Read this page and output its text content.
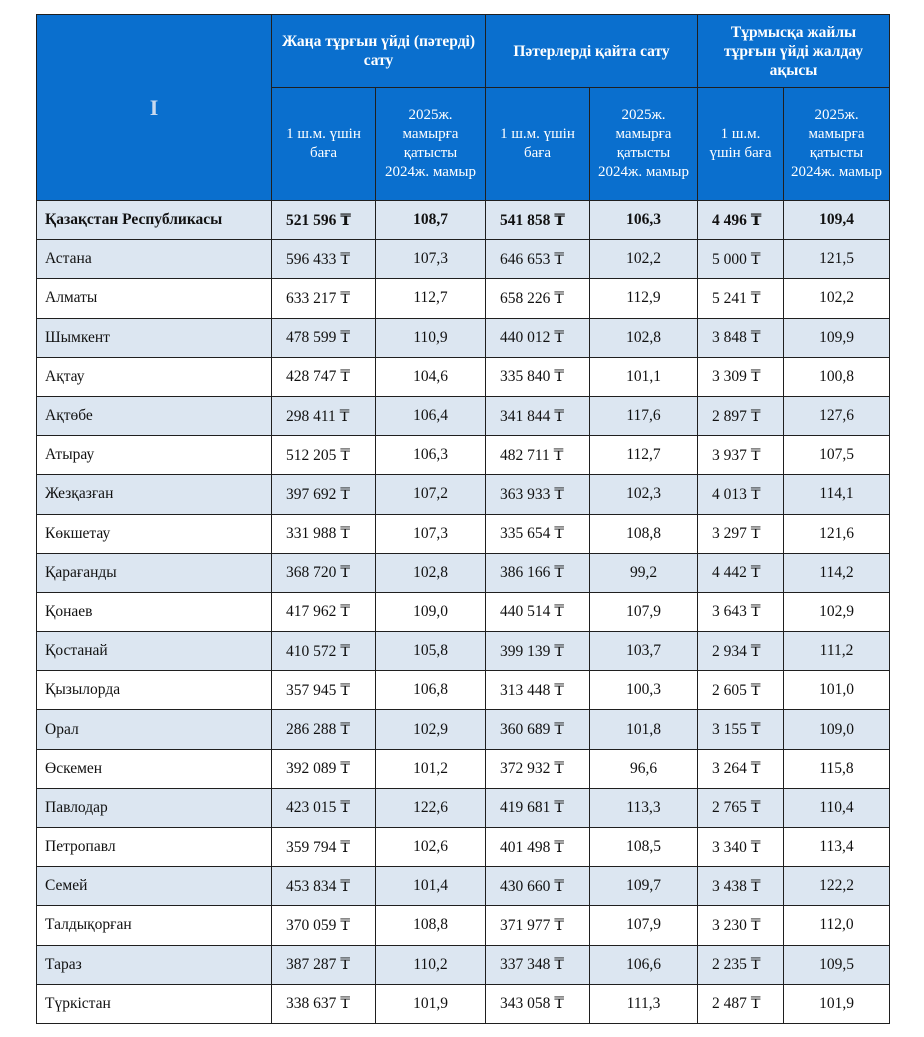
I	Жаңа тұрғын үйді (пәтерді) сату		Пәтерлерді қайта сату		Тұрмысқа жайлы тұрғын үйді жалдау ақысы	
	1 ш.м. үшін баға	2025ж. мамырға қатысты 2024ж. мамыр	1 ш.м. үшін баға	2025ж. мамырға қатысты 2024ж. мамыр	1 ш.м. үшін баға	2025ж. мамырға қатысты 2024ж. мамыр
Қазақстан Республикасы	521 596 ₸	108,7	541 858 ₸	106,3	4 496 ₸	109,4
Астана	596 433 ₸	107,3	646 653 ₸	102,2	5 000 ₸	121,5
Алматы	633 217 ₸	112,7	658 226 ₸	112,9	5 241 ₸	102,2
Шымкент	478 599 ₸	110,9	440 012 ₸	102,8	3 848 ₸	109,9
Ақтау	428 747 ₸	104,6	335 840 ₸	101,1	3 309 ₸	100,8
Ақтөбе	298 411 ₸	106,4	341 844 ₸	117,6	2 897 ₸	127,6
Атырау	512 205 ₸	106,3	482 711 ₸	112,7	3 937 ₸	107,5
Жезқазған	397 692 ₸	107,2	363 933 ₸	102,3	4 013 ₸	114,1
Көкшетау	331 988 ₸	107,3	335 654 ₸	108,8	3 297 ₸	121,6
Қарағанды	368 720 ₸	102,8	386 166 ₸	99,2	4 442 ₸	114,2
Қонаев	417 962 ₸	109,0	440 514 ₸	107,9	3 643 ₸	102,9
Қостанай	410 572 ₸	105,8	399 139 ₸	103,7	2 934 ₸	111,2
Қызылорда	357 945 ₸	106,8	313 448 ₸	100,3	2 605 ₸	101,0
Орал	286 288 ₸	102,9	360 689 ₸	101,8	3 155 ₸	109,0
Өскемен	392 089 ₸	101,2	372 932 ₸	96,6	3 264 ₸	115,8
Павлодар	423 015 ₸	122,6	419 681 ₸	113,3	2 765 ₸	110,4
Петропавл	359 794 ₸	102,6	401 498 ₸	108,5	3 340 ₸	113,4
Семей	453 834 ₸	101,4	430 660 ₸	109,7	3 438 ₸	122,2
Талдықорған	370 059 ₸	108,8	371 977 ₸	107,9	3 230 ₸	112,0
Тараз	387 287 ₸	110,2	337 348 ₸	106,6	2 235 ₸	109,5
Түркістан	338 637 ₸	101,9	343 058 ₸	111,3	2 487 ₸	101,9
